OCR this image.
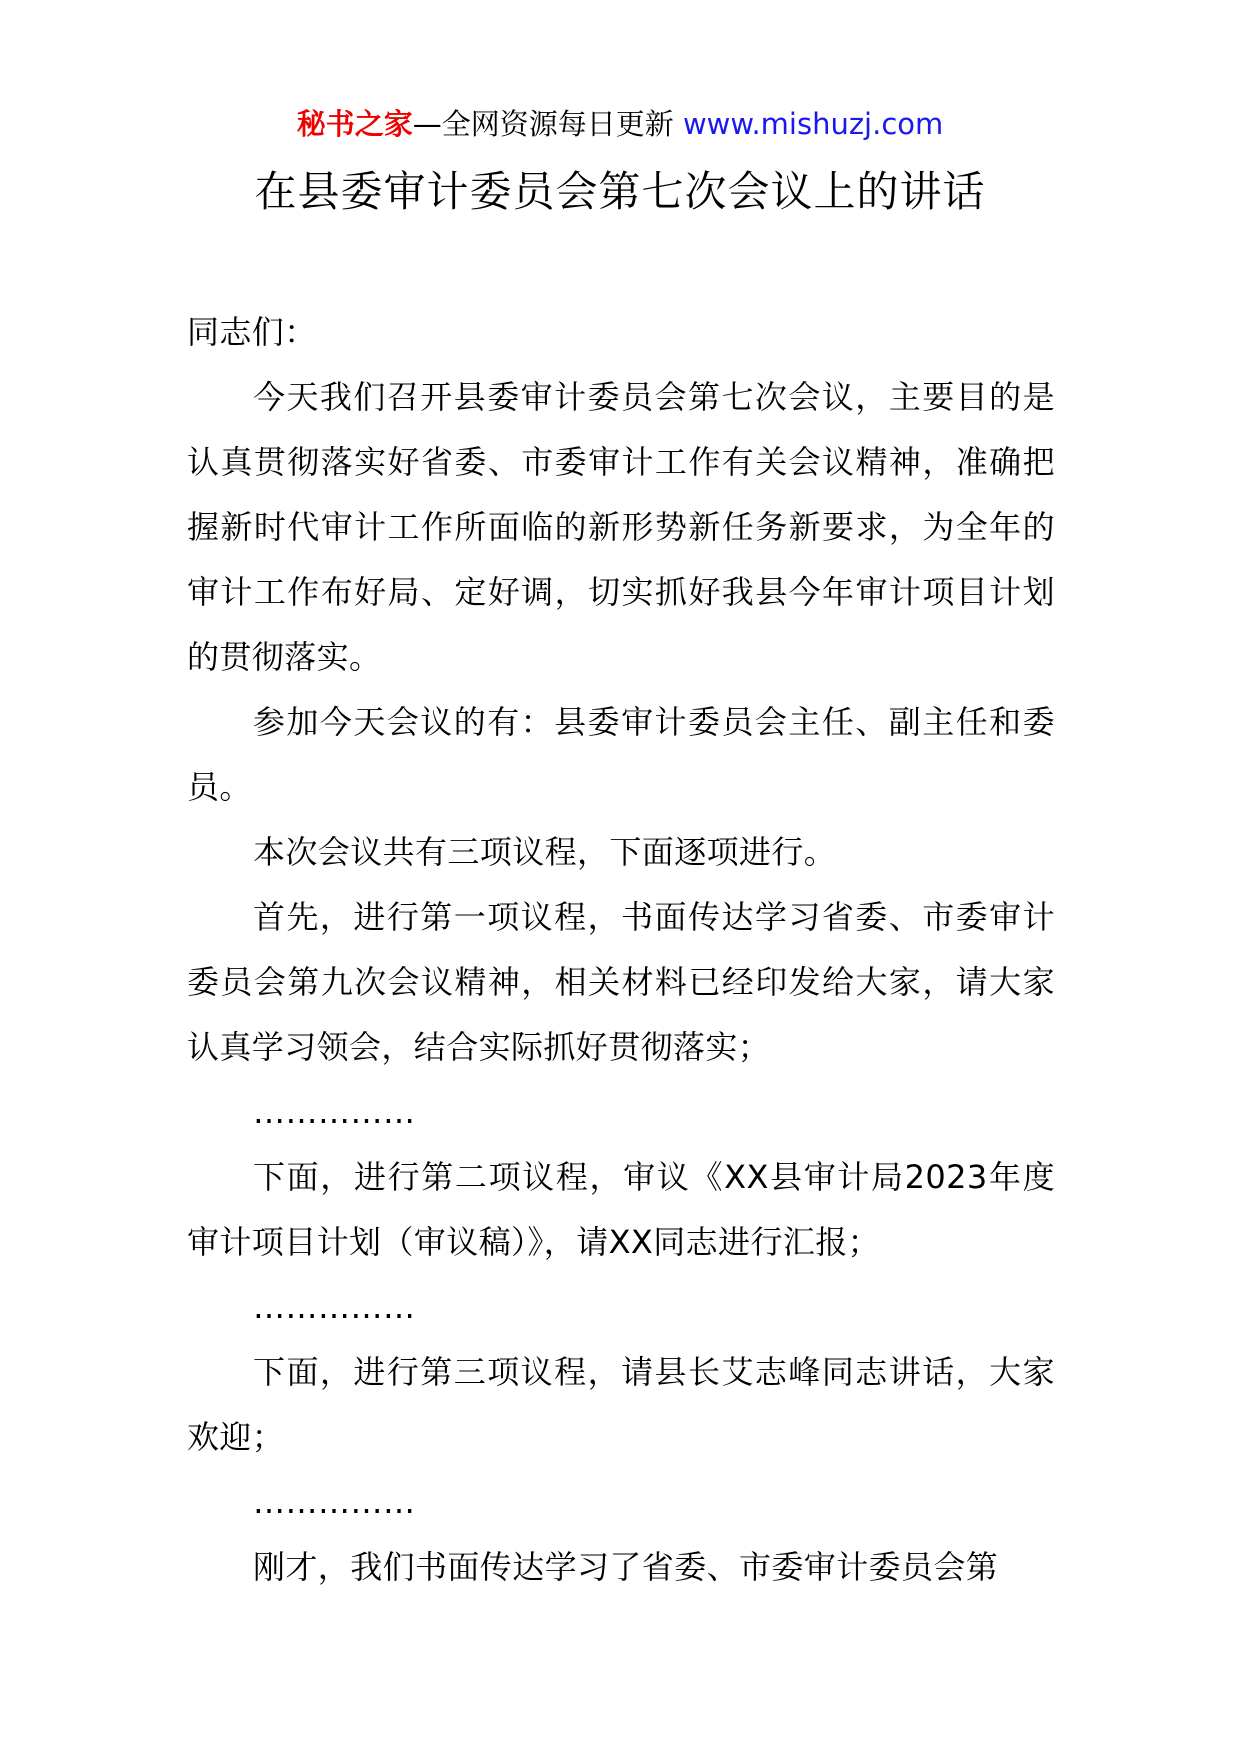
秘书之家—全网资源每日更新 www.mishuzj.com
在县委审计委员会第七次会议上的讲话

同志们：

今天我们召开县委审计委员会第七次会议，主要目的是认真贯彻落实好省委、市委审计工作有关会议精神，准确把握新时代审计工作所面临的新形势新任务新要求，为全年的审计工作布好局、定好调，切实抓好我县今年审计项目计划的贯彻落实。

参加今天会议的有：县委审计委员会主任、副主任和委员。

本次会议共有三项议程，下面逐项进行。

首先，进行第一项议程，书面传达学习省委、市委审计委员会第九次会议精神，相关材料已经印发给大家，请大家认真学习领会，结合实际抓好贯彻落实；

……………

下面，进行第二项议程，审议《XX县审计局2023年度审计项目计划（审议稿）》，请XX同志进行汇报；

……………

下面，进行第三项议程，请县长艾志峰同志讲话，大家欢迎；

……………

刚才，我们书面传达学习了省委、市委审计委员会第
